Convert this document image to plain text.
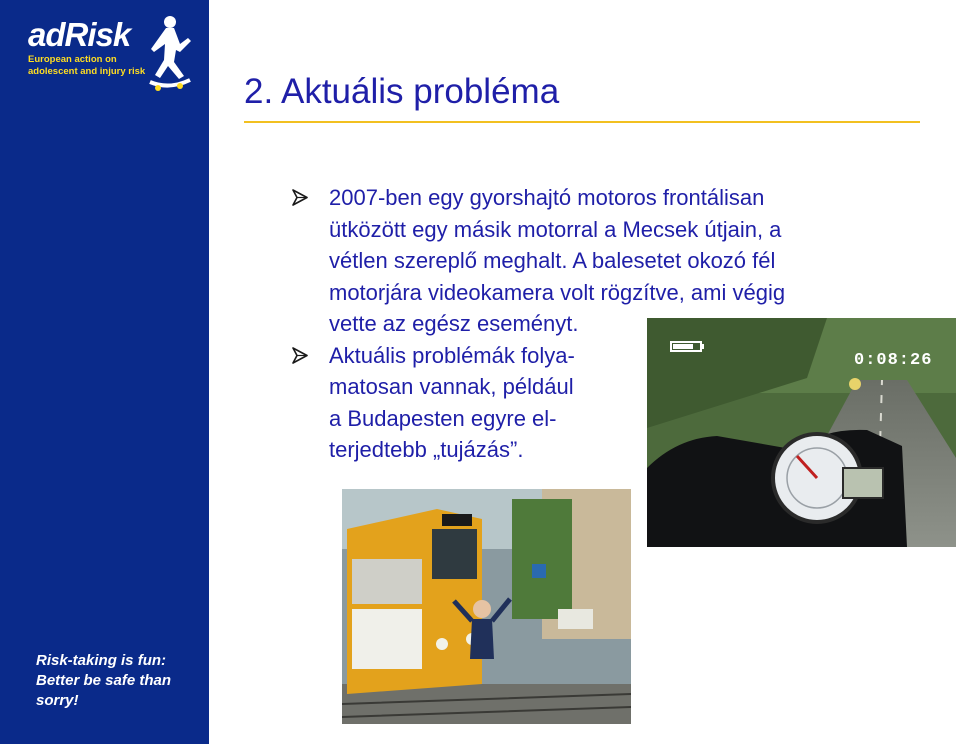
adRisk
European action on
adolescent and injury risk
Risk-taking is fun:
Better be safe than
sorry!
2. Aktuális probléma
2007-ben egy gyorshajtó motoros frontálisan
ütközött egy másik motorral a Mecsek útjain, a
vétlen szereplő meghalt. A balesetet okozó fél
motorjára videokamera volt rögzítve, ami végig
vette az egész eseményt.
Aktuális problémák folya-
matosan vannak, például
a Budapesten egyre el-
terjedtebb „tujázás”.
0:08:26
